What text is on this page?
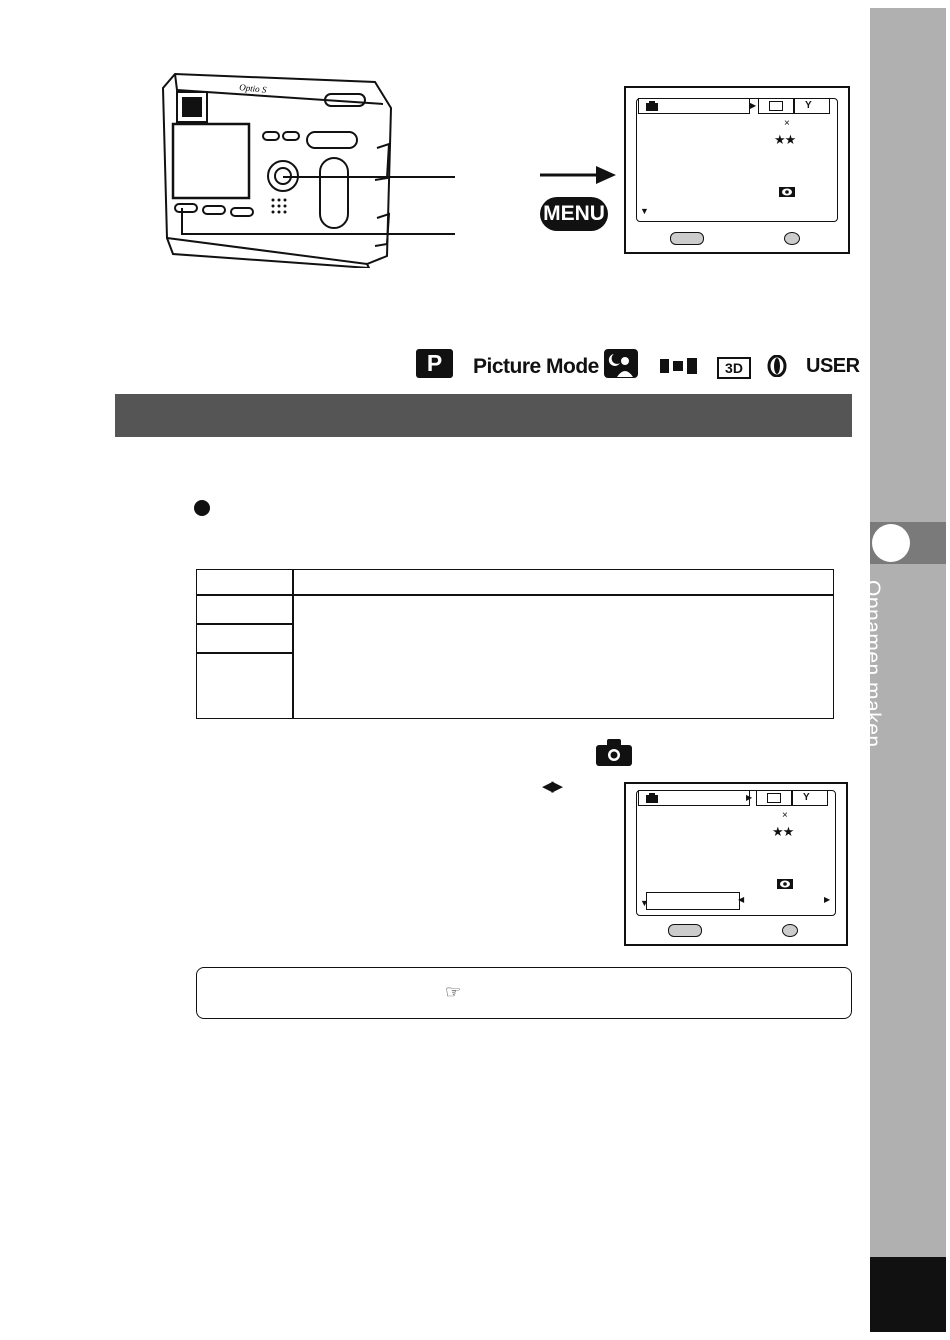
Opnamen maken
Optio S
MENU
▶	Y
×
★★
▼
P	Picture Mode	3D	USER
◀▶
▶	Y
×
★★
▼	◀	▶
☞
